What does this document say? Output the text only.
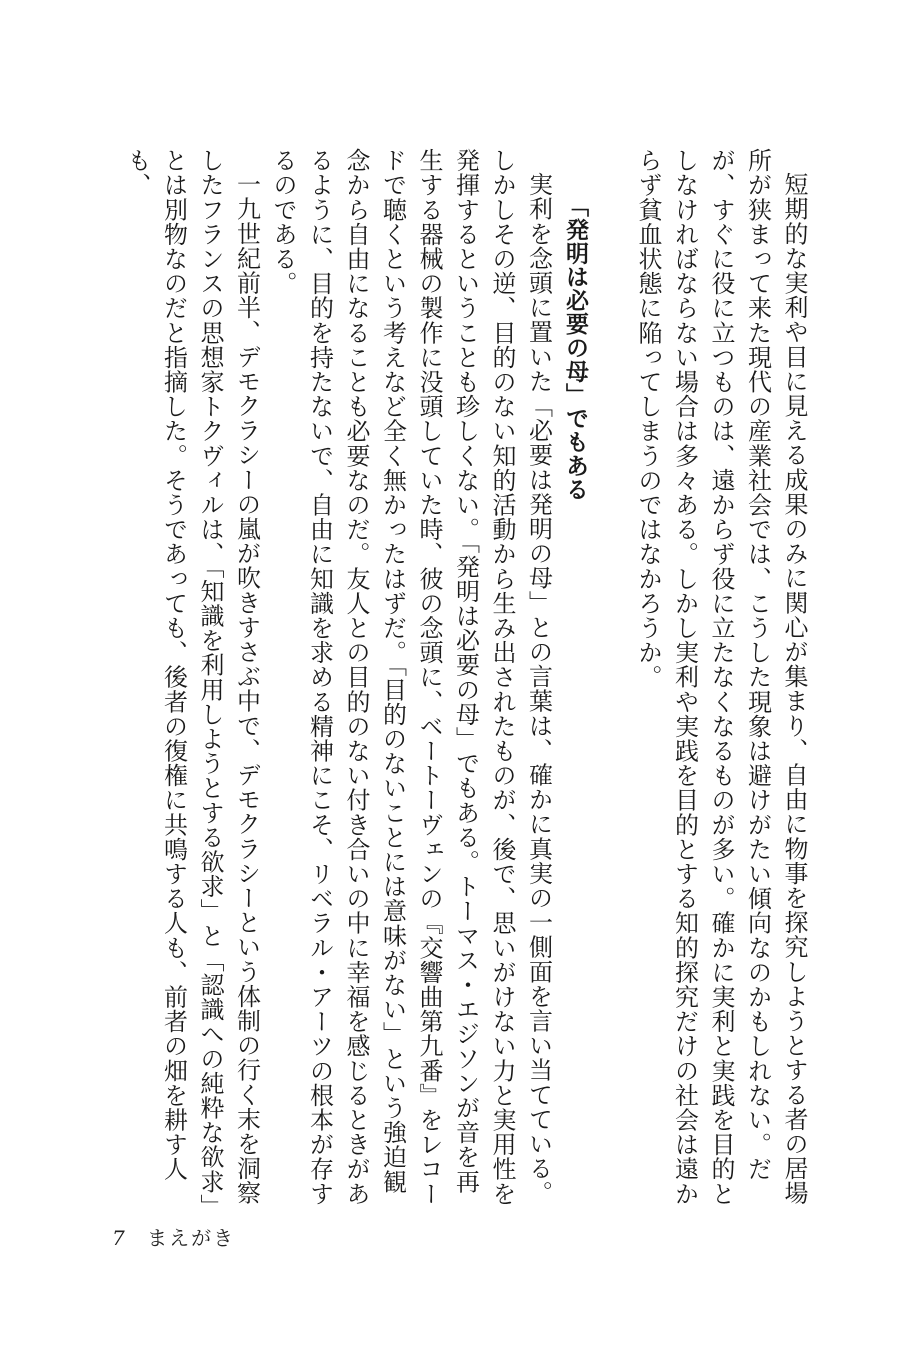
短期的な実利や目に見える成果のみに関心が集まり、自由に物事を探究しようとする者の居場所が狭まって来た現代の産業社会では、こうした現象は避けがたい傾向なのかもしれない。だが、すぐに役に立つものは、遠からず役に立たなくなるものが多い。確かに実利と実践を目的としなければならない場合は多々ある。しかし実利や実践を目的とする知的探究だけの社会は遠からず貧血状態に陥ってしまうのではなかろうか。

「発明は必要の母」でもある

実利を念頭に置いた「必要は発明の母」との言葉は、確かに真実の一側面を言い当てている。しかしその逆、目的のない知的活動から生み出されたものが、後で、思いがけない力と実用性を発揮するということも珍しくない。「発明は必要の母」でもある。トーマス・エジソンが音を再生する器械の製作に没頭していた時、彼の念頭に、ベートーヴェンの『交響曲第九番』をレコードで聴くという考えなど全く無かったはずだ。「目的のないことには意味がない」という強迫観念から自由になることも必要なのだ。友人との目的のない付き合いの中に幸福を感じるときがあるように、目的を持たないで、自由に知識を求める精神にこそ、リベラル・アーツの根本が存するのである。

一九世紀前半、デモクラシーの嵐が吹きすさぶ中で、デモクラシーという体制の行く末を洞察したフランスの思想家トクヴィルは、「知識を利用しようとする欲求」と「認識への純粋な欲求」とは別物なのだと指摘した。そうであっても、後者の復権に共鳴する人も、前者の畑を耕す人も、

7 まえがき
